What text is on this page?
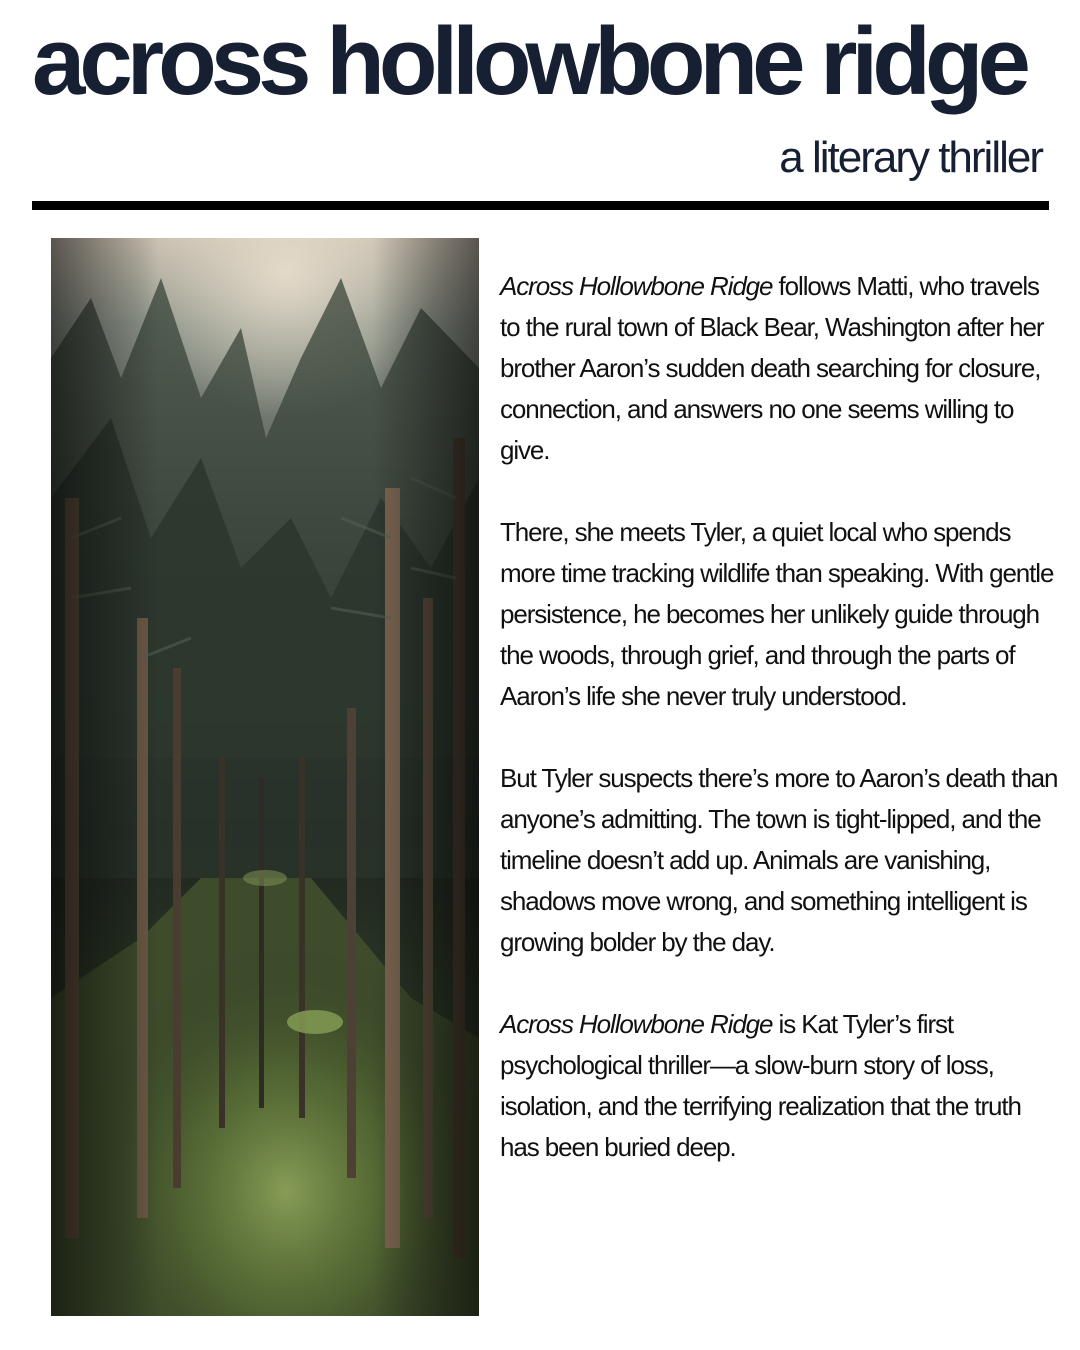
across hollowbone ridge
a literary thriller

Across Hollowbone Ridge follows Matti, who travels to the rural town of Black Bear, Washington after her brother Aaron’s sudden death searching for closure, connection, and answers no one seems willing to give.

There, she meets Tyler, a quiet local who spends more time tracking wildlife than speaking. With gentle persistence, he becomes her unlikely guide through the woods, through grief, and through the parts of Aaron’s life she never truly understood.

But Tyler suspects there’s more to Aaron’s death than anyone’s admitting. The town is tight-lipped, and the timeline doesn’t add up. Animals are vanishing, shadows move wrong, and something intelligent is growing bolder by the day.

Across Hollowbone Ridge is Kat Tyler’s first psychological thriller—a slow-burn story of loss, isolation, and the terrifying realization that the truth has been buried deep.
